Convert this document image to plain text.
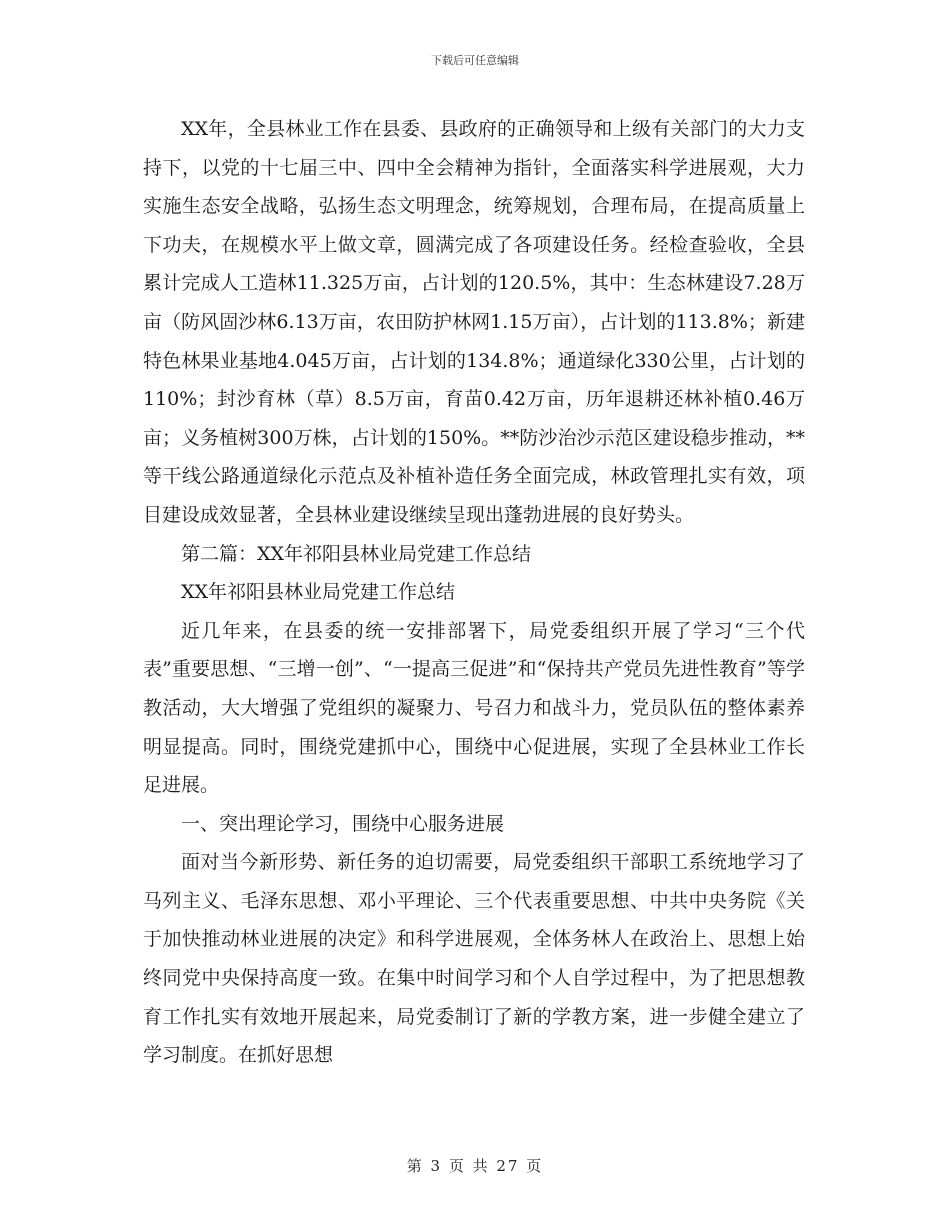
下载后可任意编辑

XX年，全县林业工作在县委、县政府的正确领导和上级有关部门的大力支持下，以党的十七届三中、四中全会精神为指针，全面落实科学进展观，大力实施生态安全战略，弘扬生态文明理念，统筹规划，合理布局，在提高质量上下功夫，在规模水平上做文章，圆满完成了各项建设任务。经检查验收，全县累计完成人工造林11.325万亩，占计划的120.5%，其中：生态林建设7.28万亩（防风固沙林6.13万亩，农田防护林网1.15万亩），占计划的113.8%；新建特色林果业基地4.045万亩，占计划的134.8%；通道绿化330公里，占计划的110%；封沙育林（草）8.5万亩，育苗0.42万亩，历年退耕还林补植0.46万亩；义务植树300万株，占计划的150%。**防沙治沙示范区建设稳步推动，**等干线公路通道绿化示范点及补植补造任务全面完成，林政管理扎实有效，项目建设成效显著，全县林业建设继续呈现出蓬勃进展的良好势头。

第二篇：XX年祁阳县林业局党建工作总结

XX年祁阳县林业局党建工作总结

近几年来，在县委的统一安排部署下，局党委组织开展了学习“三个代表”重要思想、“三增一创”、“一提高三促进”和“保持共产党员先进性教育”等学教活动，大大增强了党组织的凝聚力、号召力和战斗力，党员队伍的整体素养明显提高。同时，围绕党建抓中心，围绕中心促进展，实现了全县林业工作长足进展。

一、突出理论学习，围绕中心服务进展

面对当今新形势、新任务的迫切需要，局党委组织干部职工系统地学习了马列主义、毛泽东思想、邓小平理论、三个代表重要思想、中共中央务院《关于加快推动林业进展的决定》和科学进展观，全体务林人在政治上、思想上始终同党中央保持高度一致。在集中时间学习和个人自学过程中，为了把思想教育工作扎实有效地开展起来，局党委制订了新的学教方案，进一步健全建立了学习制度。在抓好思想

第 3 页 共 27 页
